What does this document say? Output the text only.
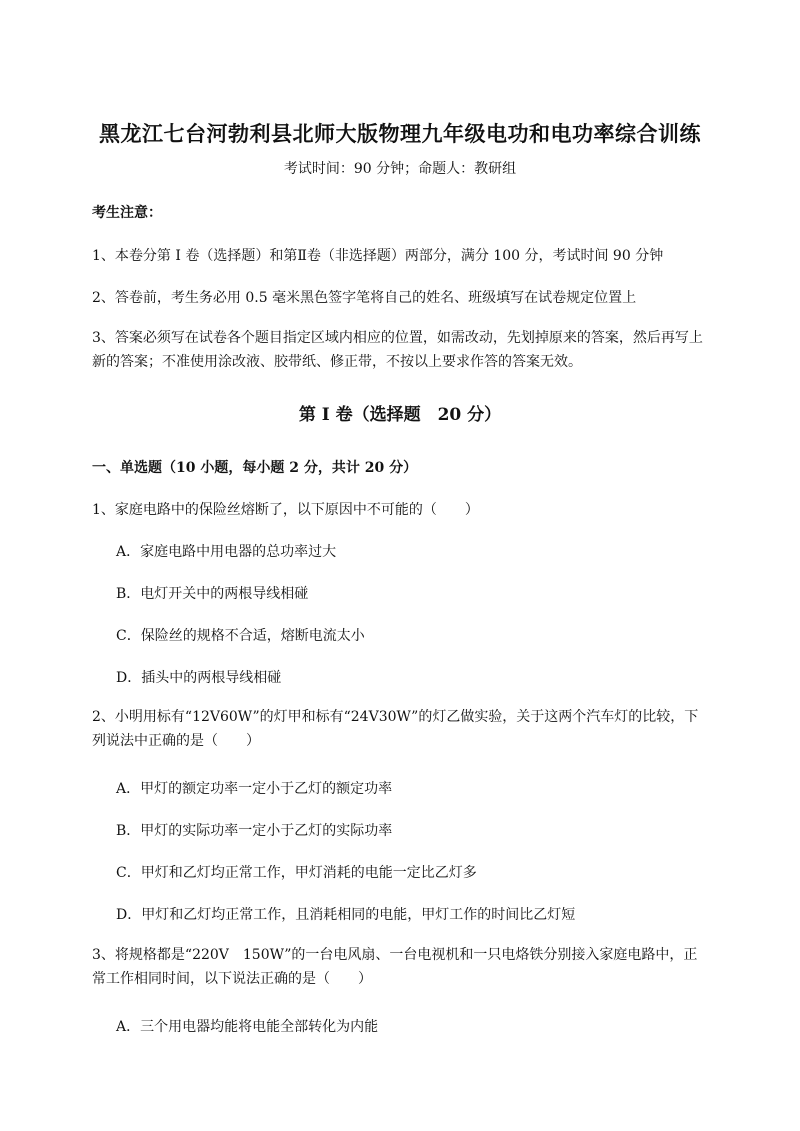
黑龙江七台河勃利县北师大版物理九年级电功和电功率综合训练
考试时间：90 分钟；命题人：教研组
考生注意：
1、本卷分第 I 卷（选择题）和第Ⅱ卷（非选择题）两部分，满分 100 分，考试时间 90 分钟
2、答卷前，考生务必用 0.5 毫米黑色签字笔将自己的姓名、班级填写在试卷规定位置上
3、答案必须写在试卷各个题目指定区域内相应的位置，如需改动，先划掉原来的答案，然后再写上新的答案；不准使用涂改液、胶带纸、修正带，不按以上要求作答的答案无效。
第 I 卷（选择题　20 分）
一、单选题（10 小题，每小题 2 分，共计 20 分）
1、家庭电路中的保险丝熔断了，以下原因中不可能的（　　）
A．家庭电路中用电器的总功率过大
B．电灯开关中的两根导线相碰
C．保险丝的规格不合适，熔断电流太小
D．插头中的两根导线相碰
2、小明用标有“12V60W”的灯甲和标有“24V30W”的灯乙做实验，关于这两个汽车灯的比较，下列说法中正确的是（　　）
A．甲灯的额定功率一定小于乙灯的额定功率
B．甲灯的实际功率一定小于乙灯的实际功率
C．甲灯和乙灯均正常工作，甲灯消耗的电能一定比乙灯多
D．甲灯和乙灯均正常工作，且消耗相同的电能，甲灯工作的时间比乙灯短
3、将规格都是“220V　150W”的一台电风扇、一台电视机和一只电烙铁分别接入家庭电路中，正常工作相同时间，以下说法正确的是（　　）
A．三个用电器均能将电能全部转化为内能
